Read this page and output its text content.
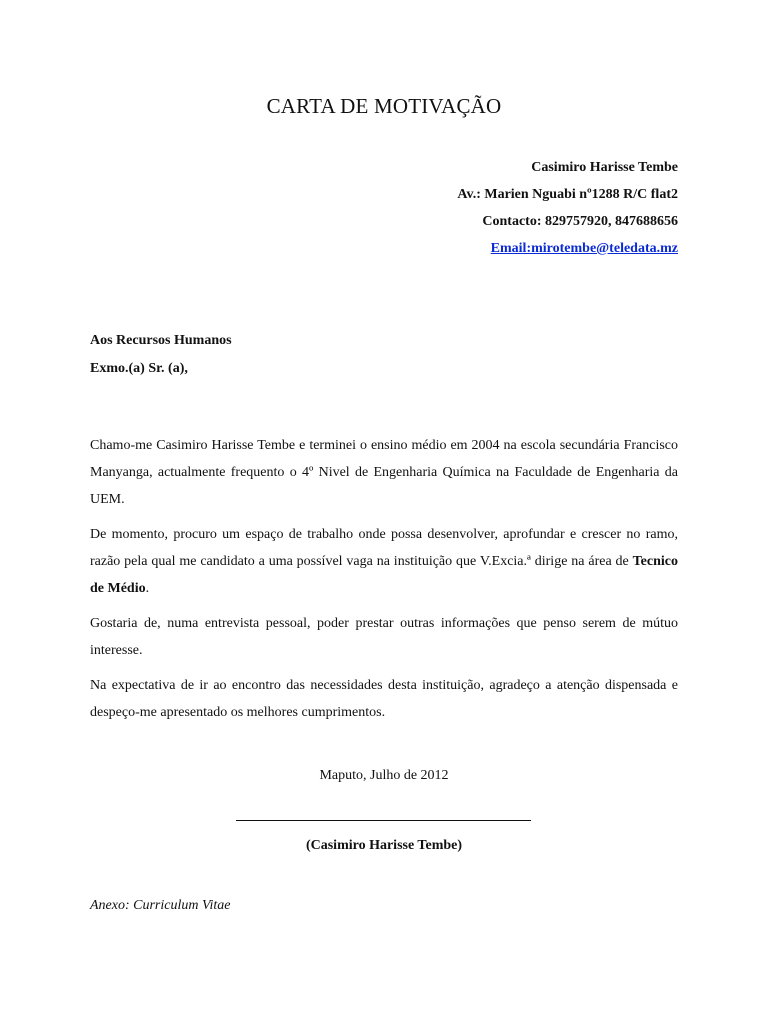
CARTA DE MOTIVAÇÃO
Casimiro Harisse Tembe
Av.: Marien Nguabi nº1288 R/C flat2
Contacto: 829757920, 847688656
Email:mirotembe@teledata.mz
Aos Recursos Humanos
Exmo.(a) Sr. (a),

Chamo-me Casimiro Harisse Tembe e terminei o ensino médio em 2004 na escola secundária Francisco Manyanga, actualmente frequento o 4º Nivel de Engenharia Química na Faculdade de Engenharia da UEM.

De momento, procuro um espaço de trabalho onde possa desenvolver, aprofundar e crescer no ramo, razão pela qual me candidato a uma possível vaga na instituição que V.Excia.ª dirige na área de Tecnico de Médio.

Gostaria de, numa entrevista pessoal, poder prestar outras informações que penso serem de mútuo interesse.

Na expectativa de ir ao encontro das necessidades desta instituição, agradeço a atenção dispensada e despeço-me apresentado os melhores cumprimentos.

Maputo, Julho de 2012
(Casimiro Harisse Tembe)
Anexo: Curriculum Vitae
